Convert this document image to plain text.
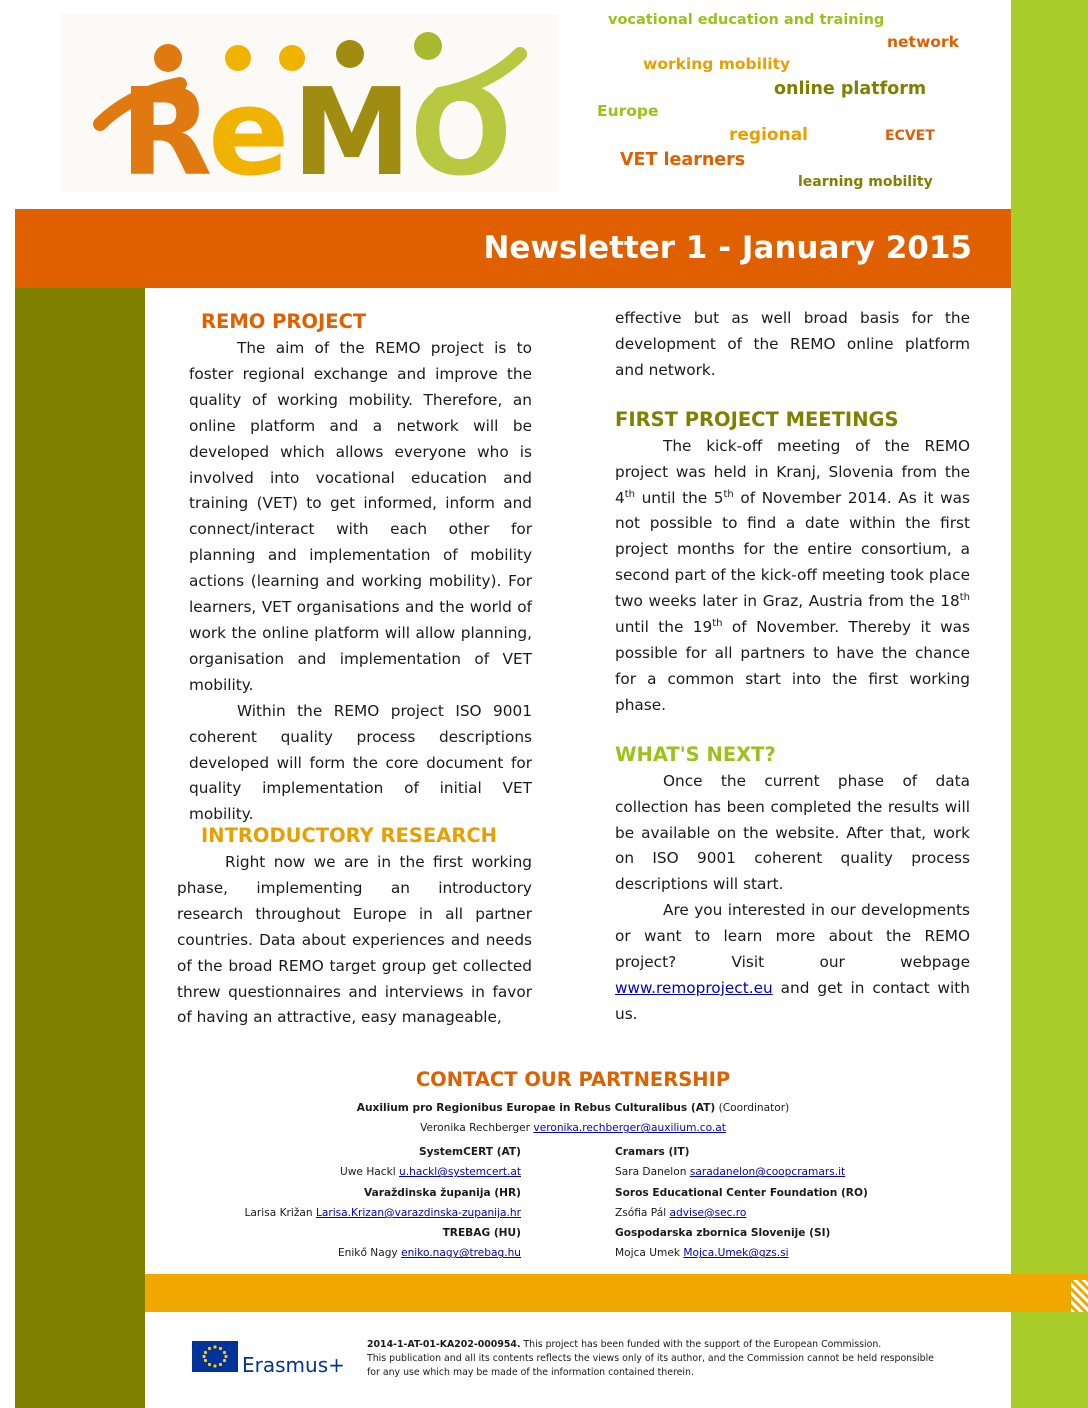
Newsletter 1 - January 2015
R
e M
O
vocational education and training
network
working mobility
online platform
Europe
regional	ECVET
VET learners
learning mobility
REMO PROJECT

The aim of the REMO project is to foster regional exchange and improve the quality of working mobility. Therefore, an online platform and a network will be developed which allows everyone who is involved into vocational education and training (VET) to get informed, inform and connect/interact with each other for planning and implementation of mobility actions (learning and working mobility). For learners, VET organisations and the world of work the online platform will allow planning, organisation and implementation of VET mobility.

Within the REMO project ISO 9001 coherent quality process descriptions developed will form the core document for quality implementation of initial VET mobility.

INTRODUCTORY RESEARCH

Right now we are in the first working phase, implementing an introductory research throughout Europe in all partner countries. Data about experiences and needs of the broad REMO target group get collected threw questionnaires and interviews in favor of having an attractive, easy manageable,

effective but as well broad basis for the development of the REMO online platform and network.

FIRST PROJECT MEETINGS

The kick-off meeting of the REMO project was held in Kranj, Slovenia from the 4th until the 5th of November 2014. As it was not possible to find a date within the first project months for the entire consortium, a second part of the kick-off meeting took place two weeks later in Graz, Austria from the 18th until the 19th of November. Thereby it was possible for all partners to have the chance for a common start into the first working phase.

WHAT'S NEXT?

Once the current phase of data collection has been completed the results will be available on the website. After that, work on ISO 9001 coherent quality process descriptions will start.

Are you interested in our developments or want to learn more about the REMO project? Visit our webpage www.remoproject.eu and get in contact with us.

CONTACT OUR PARTNERSHIP
Auxilium pro Regionibus Europae in Rebus Culturalibus (AT) (Coordinator)
Veronika Rechberger veronika.rechberger@auxilium.co.at
SystemCERT (AT)
Uwe Hackl u.hackl@systemcert.at
Varaždinska županija (HR)
Larisa Križan Larisa.Krizan@varazdinska-zupanija.hr
TREBAG (HU)
Enikő Nagy eniko.nagy@trebag.hu
Cramars (IT)
Sara Danelon saradanelon@coopcramars.it
Soros Educational Center Foundation (RO)
Zsófia Pál advise@sec.ro
Gospodarska zbornica Slovenije (SI)
Mojca Umek Mojca.Umek@gzs.si
Erasmus+
2014-1-AT-01-KA202-000954. This project has been funded with the support of the European Commission.
This publication and all its contents reflects the views only of its author, and the Commission cannot be held responsible
for any use which may be made of the information contained therein.
